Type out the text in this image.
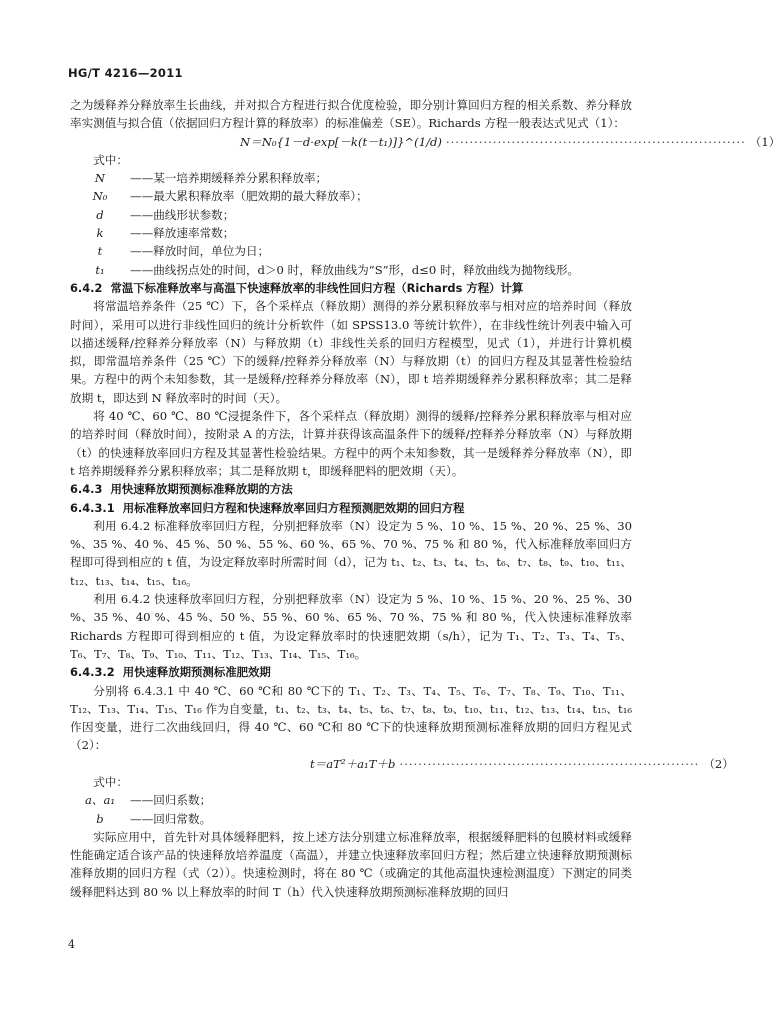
HG/T 4216—2011

之为缓释养分释放率生长曲线，并对拟合方程进行拟合优度检验，即分别计算回归方程的相关系数、养分释放率实测值与拟合值（依据回归方程计算的释放率）的标准偏差（SE）。Richards 方程一般表达式见式（1）：

N＝N₀{1－d·exp[－k(t－t₁)]}^(1/d) ································································ （1）

式中：

N	——某一培养期缓释养分累积释放率；
N₀	——最大累积释放率（肥效期的最大释放率）；
d	——曲线形状参数；
k	——释放速率常数；
t	——释放时间，单位为日；
t₁	——曲线拐点处的时间，d＞0 时，释放曲线为“S”形，d≤0 时，释放曲线为抛物线形。
6.4.2 常温下标准释放率与高温下快速释放率的非线性回归方程（Richards 方程）计算

将常温培养条件（25 ℃）下，各个采样点（释放期）测得的养分累积释放率与相对应的培养时间（释放时间），采用可以进行非线性回归的统计分析软件（如 SPSS13.0 等统计软件），在非线性统计列表中输入可以描述缓释/控释养分释放率（N）与释放期（t）非线性关系的回归方程模型，见式（1），并进行计算机模拟，即常温培养条件（25 ℃）下的缓释/控释养分释放率（N）与释放期（t）的回归方程及其显著性检验结果。方程中的两个未知参数，其一是缓释/控释养分释放率（N），即 t 培养期缓释养分累积释放率；其二是释放期 t，即达到 N 释放率时的时间（天）。

将 40 ℃、60 ℃、80 ℃浸提条件下，各个采样点（释放期）测得的缓释/控释养分累积释放率与相对应的培养时间（释放时间），按附录 A 的方法，计算并获得该高温条件下的缓释/控释养分释放率（N）与释放期（t）的快速释放率回归方程及其显著性检验结果。方程中的两个未知参数，其一是缓释养分释放率（N），即 t 培养期缓释养分累积释放率；其二是释放期 t，即缓释肥料的肥效期（天）。

6.4.3 用快速释放期预测标准释放期的方法
6.4.3.1 用标准释放率回归方程和快速释放率回归方程预测肥效期的回归方程

利用 6.4.2 标准释放率回归方程，分别把释放率（N）设定为 5 %、10 %、15 %、20 %、25 %、30 %、35 %、40 %、45 %、50 %、55 %、60 %、65 %、70 %、75 % 和 80 %，代入标准释放率回归方程即可得到相应的 t 值，为设定释放率时所需时间（d），记为 t₁、t₂、t₃、t₄、t₅、t₆、t₇、t₈、t₉、t₁₀、t₁₁、t₁₂、t₁₃、t₁₄、t₁₅、t₁₆。

利用 6.4.2 快速释放率回归方程，分别把释放率（N）设定为 5 %、10 %、15 %、20 %、25 %、30 %、35 %、40 %、45 %、50 %、55 %、60 %、65 %、70 %、75 % 和 80 %，代入快速标准释放率 Richards 方程即可得到相应的 t 值，为设定释放率时的快速肥效期（s/h），记为 T₁、T₂、T₃、T₄、T₅、T₆、T₇、T₈、T₉、T₁₀、T₁₁、T₁₂、T₁₃、T₁₄、T₁₅、T₁₆。

6.4.3.2 用快速释放期预测标准肥效期

分别将 6.4.3.1 中 40 ℃、60 ℃和 80 ℃下的 T₁、T₂、T₃、T₄、T₅、T₆、T₇、T₈、T₉、T₁₀、T₁₁、T₁₂、T₁₃、T₁₄、T₁₅、T₁₆ 作为自变量，t₁、t₂、t₃、t₄、t₅、t₆、t₇、t₈、t₉、t₁₀、t₁₁、t₁₂、t₁₃、t₁₄、t₁₅、t₁₆ 作因变量，进行二次曲线回归，得 40 ℃、60 ℃和 80 ℃下的快速释放期预测标准释放期的回归方程见式（2）：

t＝aT²＋a₁T＋b ································································ （2）

式中：

a、a₁	——回归系数；
b	——回归常数。

实际应用中，首先针对具体缓释肥料，按上述方法分别建立标准释放率，根据缓释肥料的包膜材料或缓释性能确定适合该产品的快速释放培养温度（高温），并建立快速释放率回归方程；然后建立快速释放期预测标准释放期的回归方程（式（2））。快速检测时，将在 80 ℃（或确定的其他高温快速检测温度）下测定的同类缓释肥料达到 80 % 以上释放率的时间 T（h）代入快速释放期预测标准释放期的回归

4
